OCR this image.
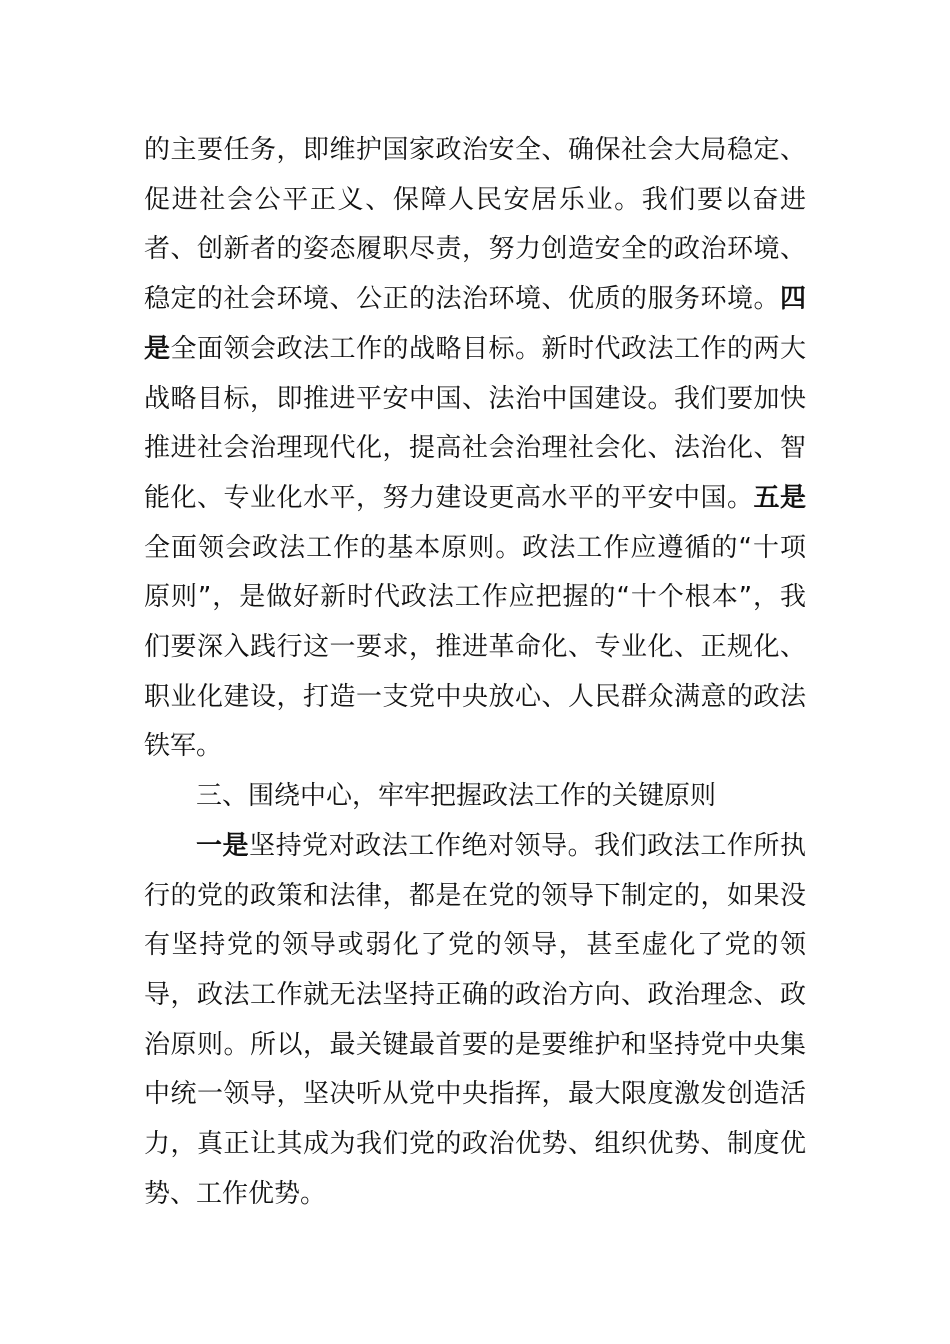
的主要任务，即维护国家政治安全、确保社会大局稳定、促进社会公平正义、保障人民安居乐业。我们要以奋进者、创新者的姿态履职尽责，努力创造安全的政治环境、稳定的社会环境、公正的法治环境、优质的服务环境。四是全面领会政法工作的战略目标。新时代政法工作的两大战略目标，即推进平安中国、法治中国建设。我们要加快推进社会治理现代化，提高社会治理社会化、法治化、智能化、专业化水平，努力建设更高水平的平安中国。五是全面领会政法工作的基本原则。政法工作应遵循的“十项原则”，是做好新时代政法工作应把握的“十个根本”，我们要深入践行这一要求，推进革命化、专业化、正规化、职业化建设，打造一支党中央放心、人民群众满意的政法铁军。

三、围绕中心，牢牢把握政法工作的关键原则

一是坚持党对政法工作绝对领导。我们政法工作所执行的党的政策和法律，都是在党的领导下制定的，如果没有坚持党的领导或弱化了党的领导，甚至虚化了党的领导，政法工作就无法坚持正确的政治方向、政治理念、政治原则。所以，最关键最首要的是要维护和坚持党中央集中统一领导，坚决听从党中央指挥，最大限度激发创造活力，真正让其成为我们党的政治优势、组织优势、制度优势、工作优势。
